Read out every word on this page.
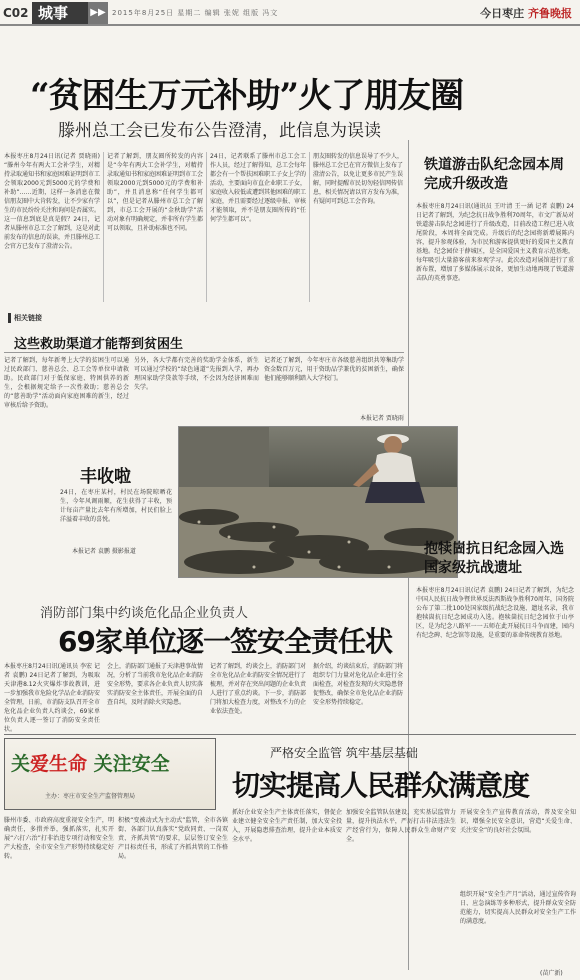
C02 城事	▶▶ 2015年8月25日 星期二 编辑 张妮 组版 冯文	今日枣庄 齐鲁晚报
“贫困生万元补助”火了朋友圈
滕州总工会已发布公告澄清，此信息为误读
本报枣庄8月24日讯(记者 贾晓雨) “滕州今年有两大工会补学生，对精持录取通知书和家庭困难证明到市工会领取2000元到5000元的学费和补助”……近期，这样一条消息在微信朋友圈中大肯转发，让不少家有学生的市民纷纷关注和询问是否属实。这一信息到底是真是假？24日，记者从滕州市总工会了解到，这是对此前发布的信息的误读，并且滕州总工会官方已发布了澄清公告。
记者了解到，朋友圈所转发的内容是“今年有两大工会补学生，对精持录取通知书和家庭困难证明到市工会领取2000元到5000元的学费和补助”，并且消息称“任何学生都可以”，但是记者从滕州市总工会了解到，市总工会开展的“金秋助学”活动对象有明确规定，并非所有学生都可以领取，且补助标准也不同。
24日，记者联系了滕州市总工会工作人员，经过了解得知，总工会每年都会有一个帮扶困难职工子女上学的活动，主要面向市直企业职工子女，家庭收入较低或遭到其他困难的职工家庭，并且需要经过逐级申报、审核才能领取，并不是朋友圈所传的“任何学生都可以”。
朋友圈转发的信息误导了不少人，滕州总工会已在官方微信上发布了澄清公告，以免让更多市民产生误解，同时提醒市民切勿轻信网传信息，相关情况请以官方发布为准，有疑问可到总工会咨询。
相关链接
这些救助渠道才能帮到贫困生
记者了解到，每年新考上大学的贫困生可以通过民政部门、慈善总会、总工会等单位申请救助。民政部门对于低保家庭、特困供养的新生，会根据规定给予一次性救助；慈善总会的“慈善助学”活动面向家庭困难的新生，经过审核后给予资助。
另外，各大学都有完善的奖助学金体系，新生可以通过学校的“绿色通道”先报到入学，再办理国家助学贷款等手续，不会因为经济困难而失学。
记者还了解到，今年枣庄市各级慈善组织共筹集助学资金数百万元，用于资助品学兼优的贫困新生，确保他们能够顺利踏入大学校门。
本报记者 贾晓雨
丰收啦
24日，在枣庄某村，村民在场院晾晒花生，今年风调雨顺，花生获得了丰收，预计每亩产量比去年有所增加，村民们脸上洋溢着丰收的喜悦。
本报记者 袁鹏 摄影报道
铁道游击队纪念园本周完成升级改造
本报枣庄8月24日讯(通讯员 王叶清 王一涵 记者 袁鹏) 24日记者了解到，为纪念抗日战争胜利70周年，市文广新局对铁道游击队纪念园进行了升级改造，目前改造工程已进入收尾阶段，本周将全面完成。升级后的纪念园将新增展陈内容，提升参观体验，为市民和游客提供更好的爱国主义教育基地。纪念园位于薛城区，是全国爱国主义教育示范基地，每年吸引大量游客前来参观学习。此次改造对展馆进行了重新布置，增加了多媒体展示设备，更加生动地再现了铁道游击队的英勇事迹。
抱犊崮抗日纪念园入选国家级抗战遗址
本报枣庄8月24日讯(记者 袁鹏) 24日记者了解到，为纪念中国人民抗日战争暨世界反法西斯战争胜利70周年，国务院公布了第二批100处国家级抗战纪念设施、遗址名录，我市抱犊崮抗日纪念园成功入选。抱犊崮抗日纪念园位于山亭区，是为纪念八路军一一五师在此开展抗日斗争而建，园内有纪念碑、纪念馆等设施，是重要的革命传统教育基地。
消防部门集中约谈危化品企业负责人
69家单位逐一签安全责任状
本报枣庄8月24日讯(通讯员 李宏 记者 袁鹏) 24日记者了解到，为吸取天津港8.12火灾爆炸事故教训，进一步加强我市危险化学品企业消防安全管理，日前，市消防支队召开全市危化品企业负责人约谈会，69家单位负责人逐一签订了消防安全责任状。
会上，消防部门通报了天津港事故情况，分析了当前我市危化品企业消防安全形势，要求各企业负责人切实落实消防安全主体责任，开展全面的自查自纠，及时消除火灾隐患。
记者了解到，约谈会上，消防部门对全市危化品企业消防安全情况进行了梳理，并对存在突出问题的企业负责人进行了重点约谈。下一步，消防部门将加大检查力度，对整改不力的企业依法查处。
据介绍，约谈结束后，消防部门将组织专门力量对危化品企业进行全面检查，对检查发现的火灾隐患督促整改，确保全市危化品企业消防安全形势持续稳定。
关爱生命 关注安全
主办：枣庄市安全生产监督管理局
严格安全监管 筑牢基层基础
切实提高人民群众满意度
滕州市委、市政府高度重视安全生产，明确责任，多措并举，强抓落实，扎实开展“六打六治”打非治违专项行动和安全生产大检查，全市安全生产形势持续稳定好转。
积极“变被动式为主动式”监管，全市各镇街、各部门认真落实“党政同责、一岗双责、齐抓共管”的要求，层层签订安全生产目标责任书，形成了齐抓共管的工作格局。
抓好企业安全生产主体责任落实，督促企业建立健全安全生产责任制，加大安全投入，开展隐患排查治理，提升企业本质安全水平。
加强安全监管队伍建设，充实基层监管力量，提升执法水平，严厉打击非法违法生产经营行为，保障人民群众生命财产安全。
开展安全生产宣传教育活动，普及安全知识，增强全民安全意识，营造“关爱生命、关注安全”的良好社会氛围。
组织开展“安全生产月”活动，通过宣传咨询日、应急演练等多种形式，提升群众安全防范能力，切实提高人民群众对安全生产工作的满意度。
(苗广新)
